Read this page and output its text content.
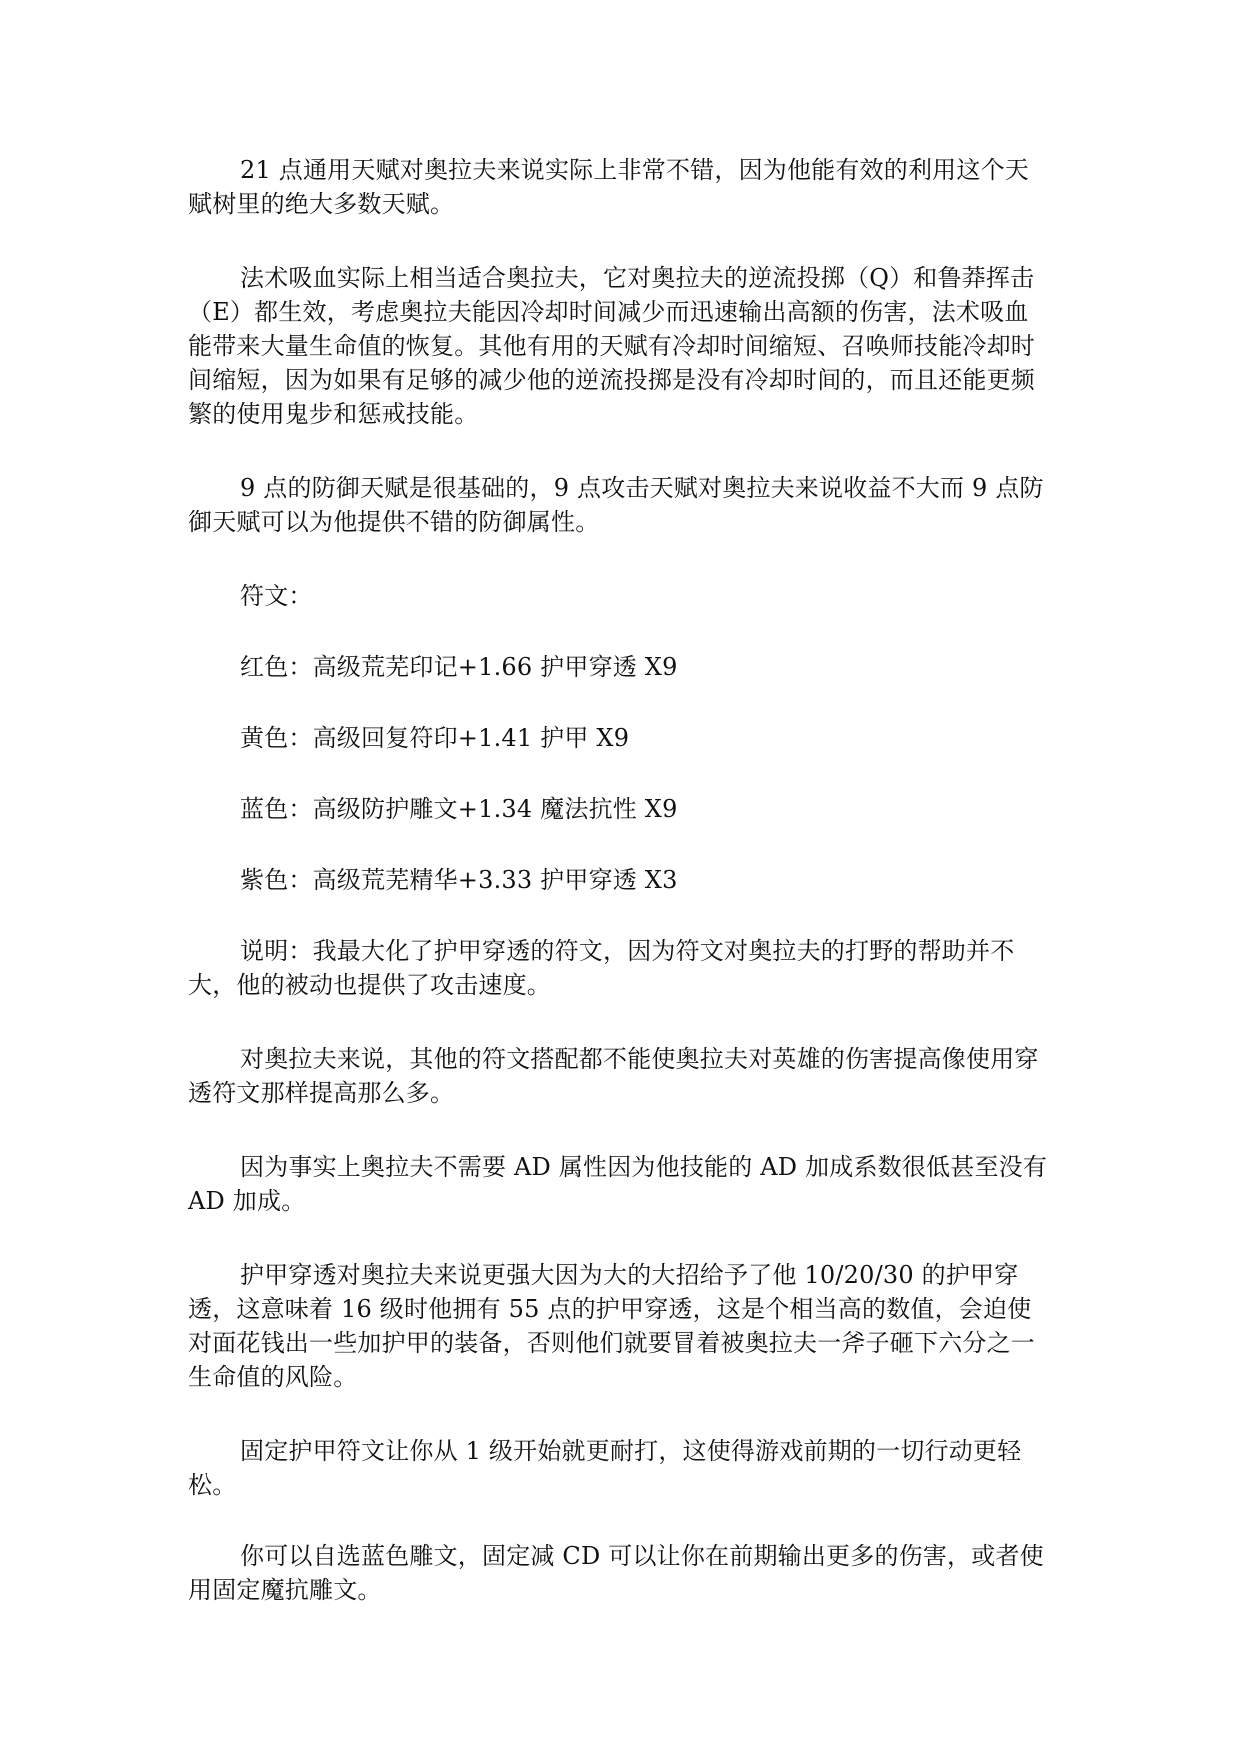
21 点通用天赋对奥拉夫来说实际上非常不错，因为他能有效的利用这个天赋树里的绝大多数天赋。

法术吸血实际上相当适合奥拉夫，它对奥拉夫的逆流投掷（Q）和鲁莽挥击（E）都生效，考虑奥拉夫能因冷却时间减少而迅速输出高额的伤害，法术吸血能带来大量生命值的恢复。其他有用的天赋有冷却时间缩短、召唤师技能冷却时间缩短，因为如果有足够的减少他的逆流投掷是没有冷却时间的，而且还能更频繁的使用鬼步和惩戒技能。

9 点的防御天赋是很基础的，9 点攻击天赋对奥拉夫来说收益不大而 9 点防御天赋可以为他提供不错的防御属性。

符文：

红色：高级荒芜印记+1.66 护甲穿透 X9

黄色：高级回复符印+1.41 护甲 X9

蓝色：高级防护雕文+1.34 魔法抗性 X9

紫色：高级荒芜精华+3.33 护甲穿透 X3

说明：我最大化了护甲穿透的符文，因为符文对奥拉夫的打野的帮助并不大，他的被动也提供了攻击速度。

对奥拉夫来说，其他的符文搭配都不能使奥拉夫对英雄的伤害提高像使用穿透符文那样提高那么多。

因为事实上奥拉夫不需要 AD 属性因为他技能的 AD 加成系数很低甚至没有 AD 加成。

护甲穿透对奥拉夫来说更强大因为大的大招给予了他 10/20/30 的护甲穿透，这意味着 16 级时他拥有 55 点的护甲穿透，这是个相当高的数值，会迫使对面花钱出一些加护甲的装备，否则他们就要冒着被奥拉夫一斧子砸下六分之一生命值的风险。

固定护甲符文让你从 1 级开始就更耐打，这使得游戏前期的一切行动更轻松。

你可以自选蓝色雕文，固定减 CD 可以让你在前期输出更多的伤害，或者使用固定魔抗雕文。
